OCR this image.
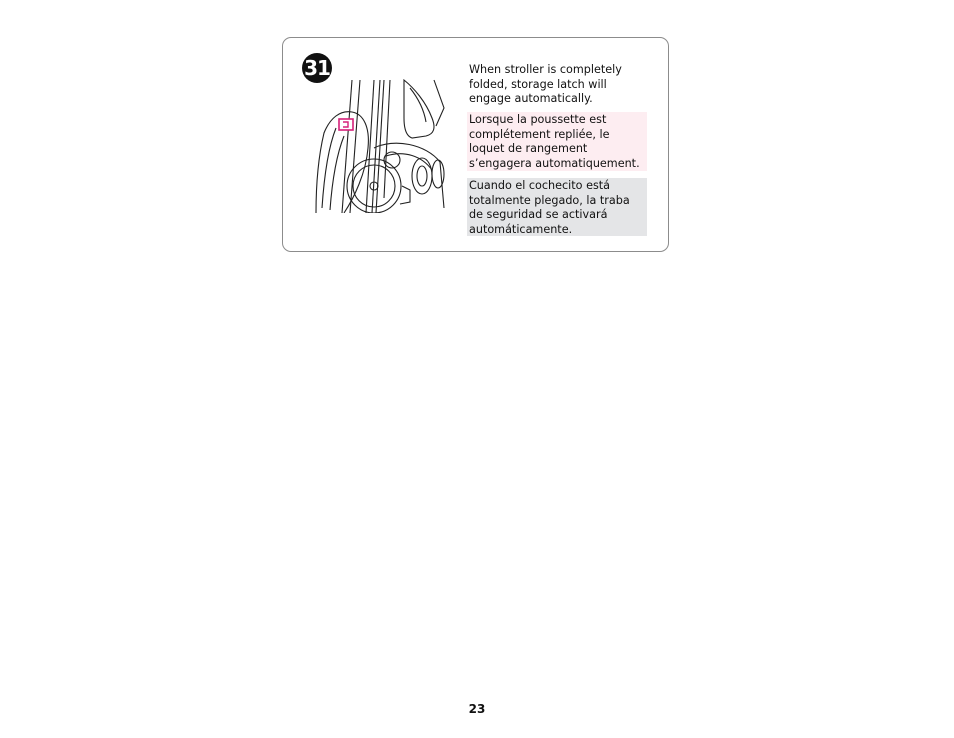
31	When stroller is completely folded, storage latch will engage automatically.
Lorsque la poussette est complétement repliée, le loquet de rangement s’engagera automatiquement.
Cuando el cochecito está totalmente plegado, la traba de seguridad se activará automáticamente.
23
